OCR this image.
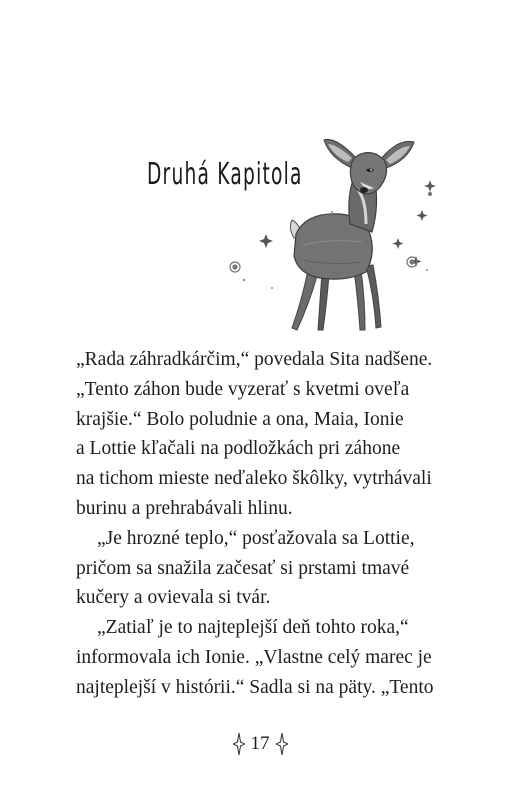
Druhá Kapitola

„Rada záhradkárčim,“ povedala Sita nadšene.
„Tento záhon bude vyzerať s kvetmi oveľa
krajšie.“ Bolo poludnie a ona, Maia, Ionie
a Lottie kľačali na podložkách pri záhone
na tichom mieste neďaleko škôlky, vytrhávali
burinu a prehrabávali hlinu.

„Je hrozné teplo,“ posťažovala sa Lottie,
pričom sa snažila začesať si prstami tmavé
kučery a ovievala si tvár.

„Zatiaľ je to najteplejší deň tohto roka,“
informovala ich Ionie. „Vlastne celý marec je
najteplejší v histórii.“ Sadla si na päty. „Tento

17
